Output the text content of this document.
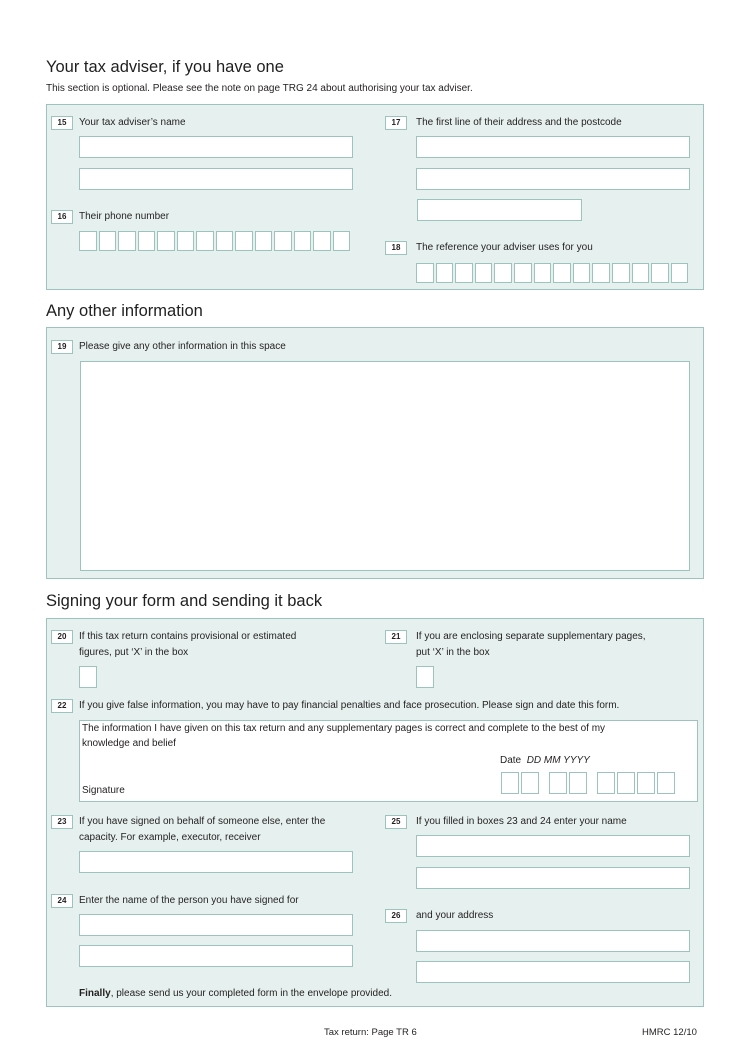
Your tax adviser, if you have one
This section is optional. Please see the note on page TRG 24 about authorising your tax adviser.
15	Your tax adviser’s name
16	Their phone number
17	The first line of their address and the postcode
18	The reference your adviser uses for you
Any other information
19	Please give any other information in this space
Signing your form and sending it back
20	If this tax return contains provisional or estimated
figures, put ‘X’ in the box
21	If you are enclosing separate supplementary pages,
put ‘X’ in the box
22	If you give false information, you may have to pay financial penalties and face prosecution. Please sign and date this form.
The information I have given on this tax return and any supplementary pages is correct and complete to the best of my
knowledge and belief
Date DD MM YYYY
Signature
23	If you have signed on behalf of someone else, enter the
capacity. For example, executor, receiver
24	Enter the name of the person you have signed for
25	If you filled in boxes 23 and 24 enter your name
26	and your address
Finally, please send us your completed form in the envelope provided.
Tax return: Page TR 6	HMRC 12/10
